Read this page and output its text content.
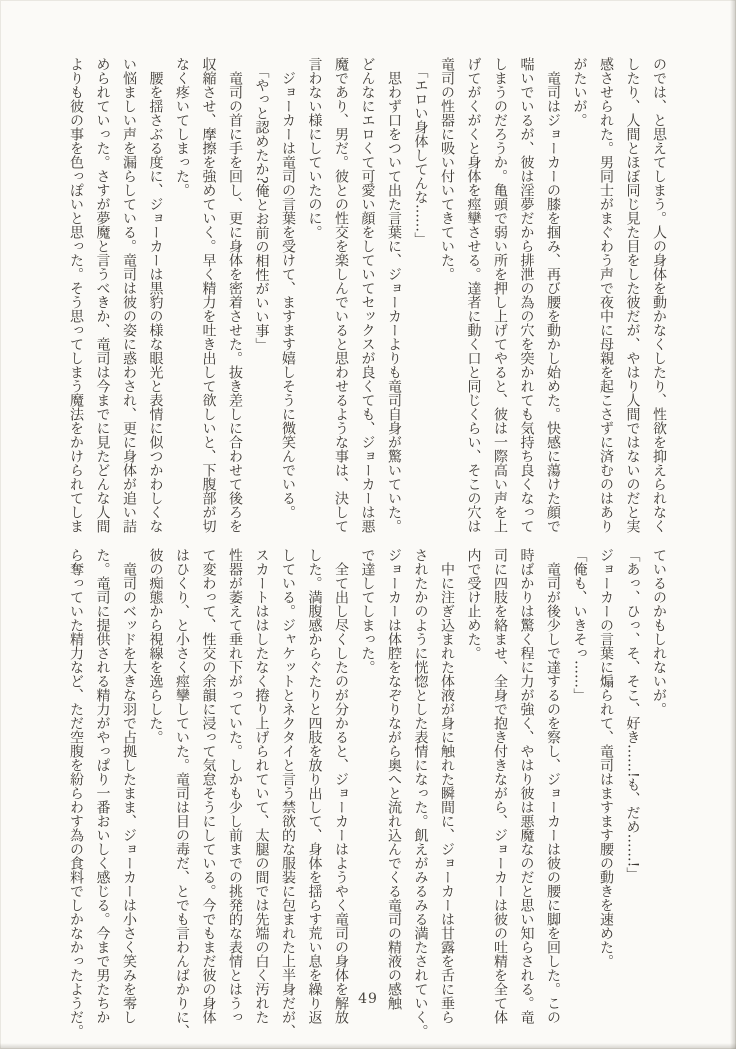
のでは、と思えてしまう。人の身体を動かなくしたり、性欲を抑えられなく

したり、人間とほぼ同じ見た目をした彼だが、やはり人間ではないのだと実

感させられた。男同士がまぐわう声で夜中に母親を起こさずに済むのはあり

がたいが。

　竜司はジョーカーの膝を掴み、再び腰を動かし始めた。快感に蕩けた顔で

喘いでいるが、彼は淫夢だから排泄の為の穴を突かれても気持ち良くなって

しまうのだろうか。亀頭で弱い所を押し上げてやると、彼は一際高い声を上

げてがくがくと身体を痙攣させる。達者に動く口と同じくらい、そこの穴は

竜司の性器に吸い付いてきていた。

　「エロい身体してんな……」

　思わず口をついて出た言葉に、ジョーカーよりも竜司自身が驚いていた。

どんなにエロくて可愛い顔をしていてセックスが良くても、ジョーカーは悪

魔であり、男だ。彼との性交を楽しんでいると思わせるような事は、決して

言わない様にしていたのに。

　ジョーカーは竜司の言葉を受けて、ますます嬉しそうに微笑んでいる。

　「やっと認めたか?俺とお前の相性がいい事」

　竜司の首に手を回し、更に身体を密着させた。抜き差しに合わせて後ろを

収縮させ、摩擦を強めていく。早く精力を吐き出して欲しいと、下腹部が切

なく疼いてしまった。

　腰を揺さぶる度に、ジョーカーは黒豹の様な眼光と表情に似つかわしくな

い悩ましい声を漏らしている。竜司は彼の姿に惑わされ、更に身体が追い詰

められていった。さすが夢魔と言うべきか、竜司は今までに見たどんな人間

よりも彼の事を色っぽいと思った。そう思ってしまう魔法をかけられてしま

ているのかもしれないが。

「あっ、ひっ、そ、そこ、好き……!も、だめ……!」

ジョーカーの言葉に煽られて、竜司はますます腰の動きを速めた。

「俺も、いきそっ……」

　竜司が後少しで達するのを察し、ジョーカーは彼の腰に脚を回した。この

時ばかりは驚く程に力が強く、やはり彼は悪魔なのだと思い知らされる。竜

司に四肢を絡ませ、全身で抱き付きながら、ジョーカーは彼の吐精を全て体

内で受け止めた。

　中に注ぎ込まれた体液が身に触れた瞬間に、ジョーカーは甘露を舌に垂ら

されたかのように恍惚とした表情になった。飢えがみるみる満たされていく。

ジョーカーは体腔をなぞりながら奥へと流れ込んでくる竜司の精液の感触

で達してしまった。

　全て出し尽くしたのが分かると、ジョーカーはようやく竜司の身体を解放

した。満腹感からぐたりと四肢を放り出して、身体を揺らす荒い息を繰り返

している。ジャケットとネクタイと言う禁欲的な服装に包まれた上半身だが、

スカートははしたなく捲り上げられていて、太腿の間では先端の白く汚れた

性器が萎えて垂れ下がっていた。しかも少し前までの挑発的な表情とはうっ

て変わって、性交の余韻に浸って気怠そうにしている。今でもまだ彼の身体

はひくり、と小さく痙攣していた。竜司は目の毒だ、とでも言わんばかりに、

彼の痴態から視線を逸らした。

　竜司のベッドを大きな羽で占拠したまま、ジョーカーは小さく笑みを零し

た。竜司に提供される精力がやっぱり一番おいしく感じる。今まで男たちか

ら奪っていた精力など、ただ空腹を紛らわす為の食料でしかなかったようだ。	49
